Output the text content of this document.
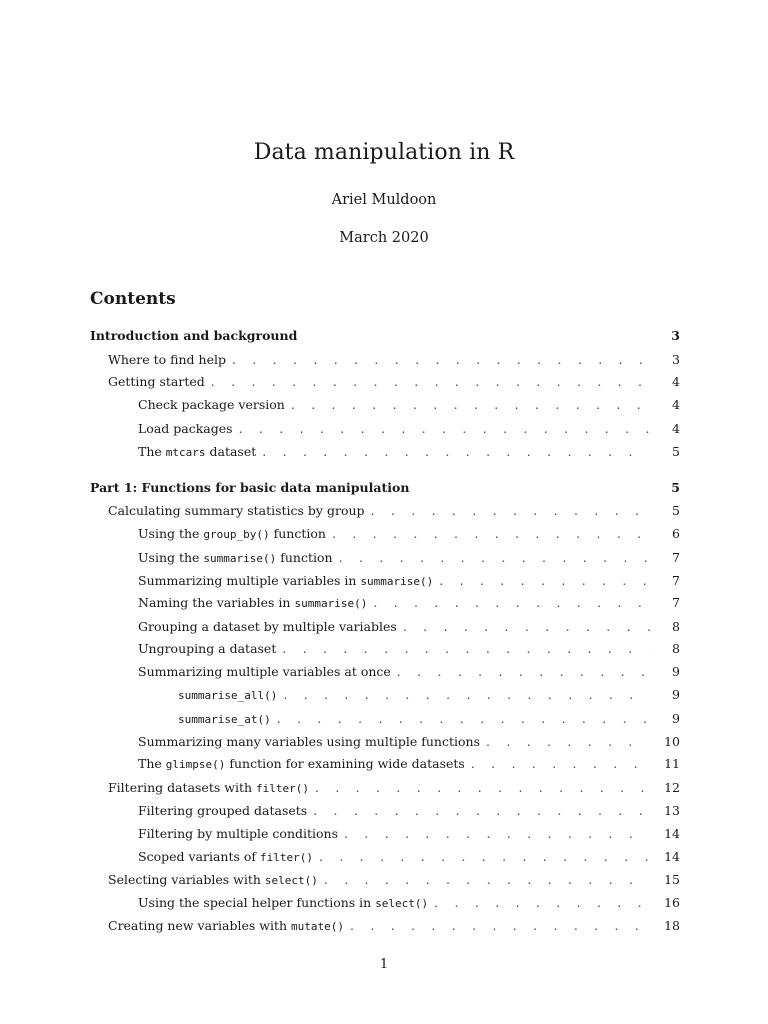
Data manipulation in R
Ariel Muldoon
March 2020
Contents
Introduction and background	3
Where to find help . . .	3
Getting started . . .	4
Check package version . . .	4
Load packages . . .	4
The mtcars dataset . . .	5
Part 1: Functions for basic data manipulation	5
Calculating summary statistics by group . . .	5
Using the group_by() function . . .	6
Using the summarise() function . . .	7
Summarizing multiple variables in summarise() . . .	7
Naming the variables in summarise() . . .	7
Grouping a dataset by multiple variables . . .	8
Ungrouping a dataset . . .	8
Summarizing multiple variables at once . . .	9
summarise_all() . . .	9
summarise_at() . . .	9
Summarizing many variables using multiple functions . . .	10
The glimpse() function for examining wide datasets . . .	11
Filtering datasets with filter() . . .	12
Filtering grouped datasets . . .	13
Filtering by multiple conditions . . .	14
Scoped variants of filter() . . .	14
Selecting variables with select() . . .	15
Using the special helper functions in select() . . .	16
Creating new variables with mutate() . . .	18
1
